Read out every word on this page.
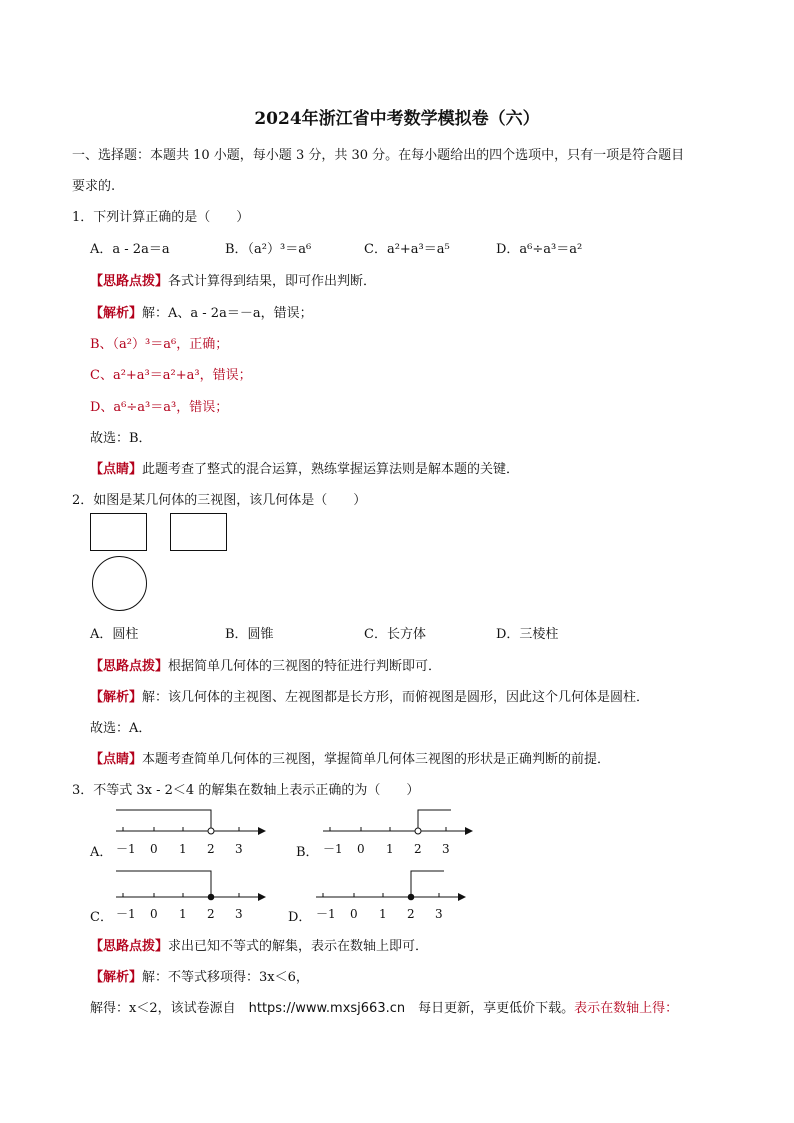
2024年浙江省中考数学模拟卷（六）
一、选择题：本题共 10 小题，每小题 3 分，共 30 分。在每小题给出的四个选项中，只有一项是符合题目
要求的.
1．下列计算正确的是（　　）
A．a - 2a＝a	B．（a²）³＝a⁶	C．a²+a³＝a⁵	D．a⁶÷a³＝a²
【思路点拨】各式计算得到结果，即可作出判断．
【解析】解：A、a - 2a＝－a，错误；
B、（a²）³＝a⁶，正确；
C、a²+a³＝a²+a³，错误；
D、a⁶÷a³＝a³，错误；
故选：B．
【点睛】此题考查了整式的混合运算，熟练掌握运算法则是解本题的关键．
2．如图是某几何体的三视图，该几何体是（　　）
A．圆柱	B．圆锥	C．长方体	D．三棱柱
【思路点拨】根据简单几何体的三视图的特征进行判断即可．
【解析】解：该几何体的主视图、左视图都是长方形，而俯视图是圆形，因此这个几何体是圆柱．
故选：A．
【点睛】本题考查简单几何体的三视图，掌握简单几何体三视图的形状是正确判断的前提．
3．不等式 3x - 2＜4 的解集在数轴上表示正确的为（　　）
A． －1 0 1 2 3	B． －1 0 1 2 3
C． －1 0 1 2 3	D． －1 0 1 2 3
【思路点拨】求出已知不等式的解集，表示在数轴上即可．
【解析】解：不等式移项得：3x＜6，
解得：x＜2，该试卷源自　https://www.mxsj663.cn　每日更新，享更低价下载。表示在数轴上得：
